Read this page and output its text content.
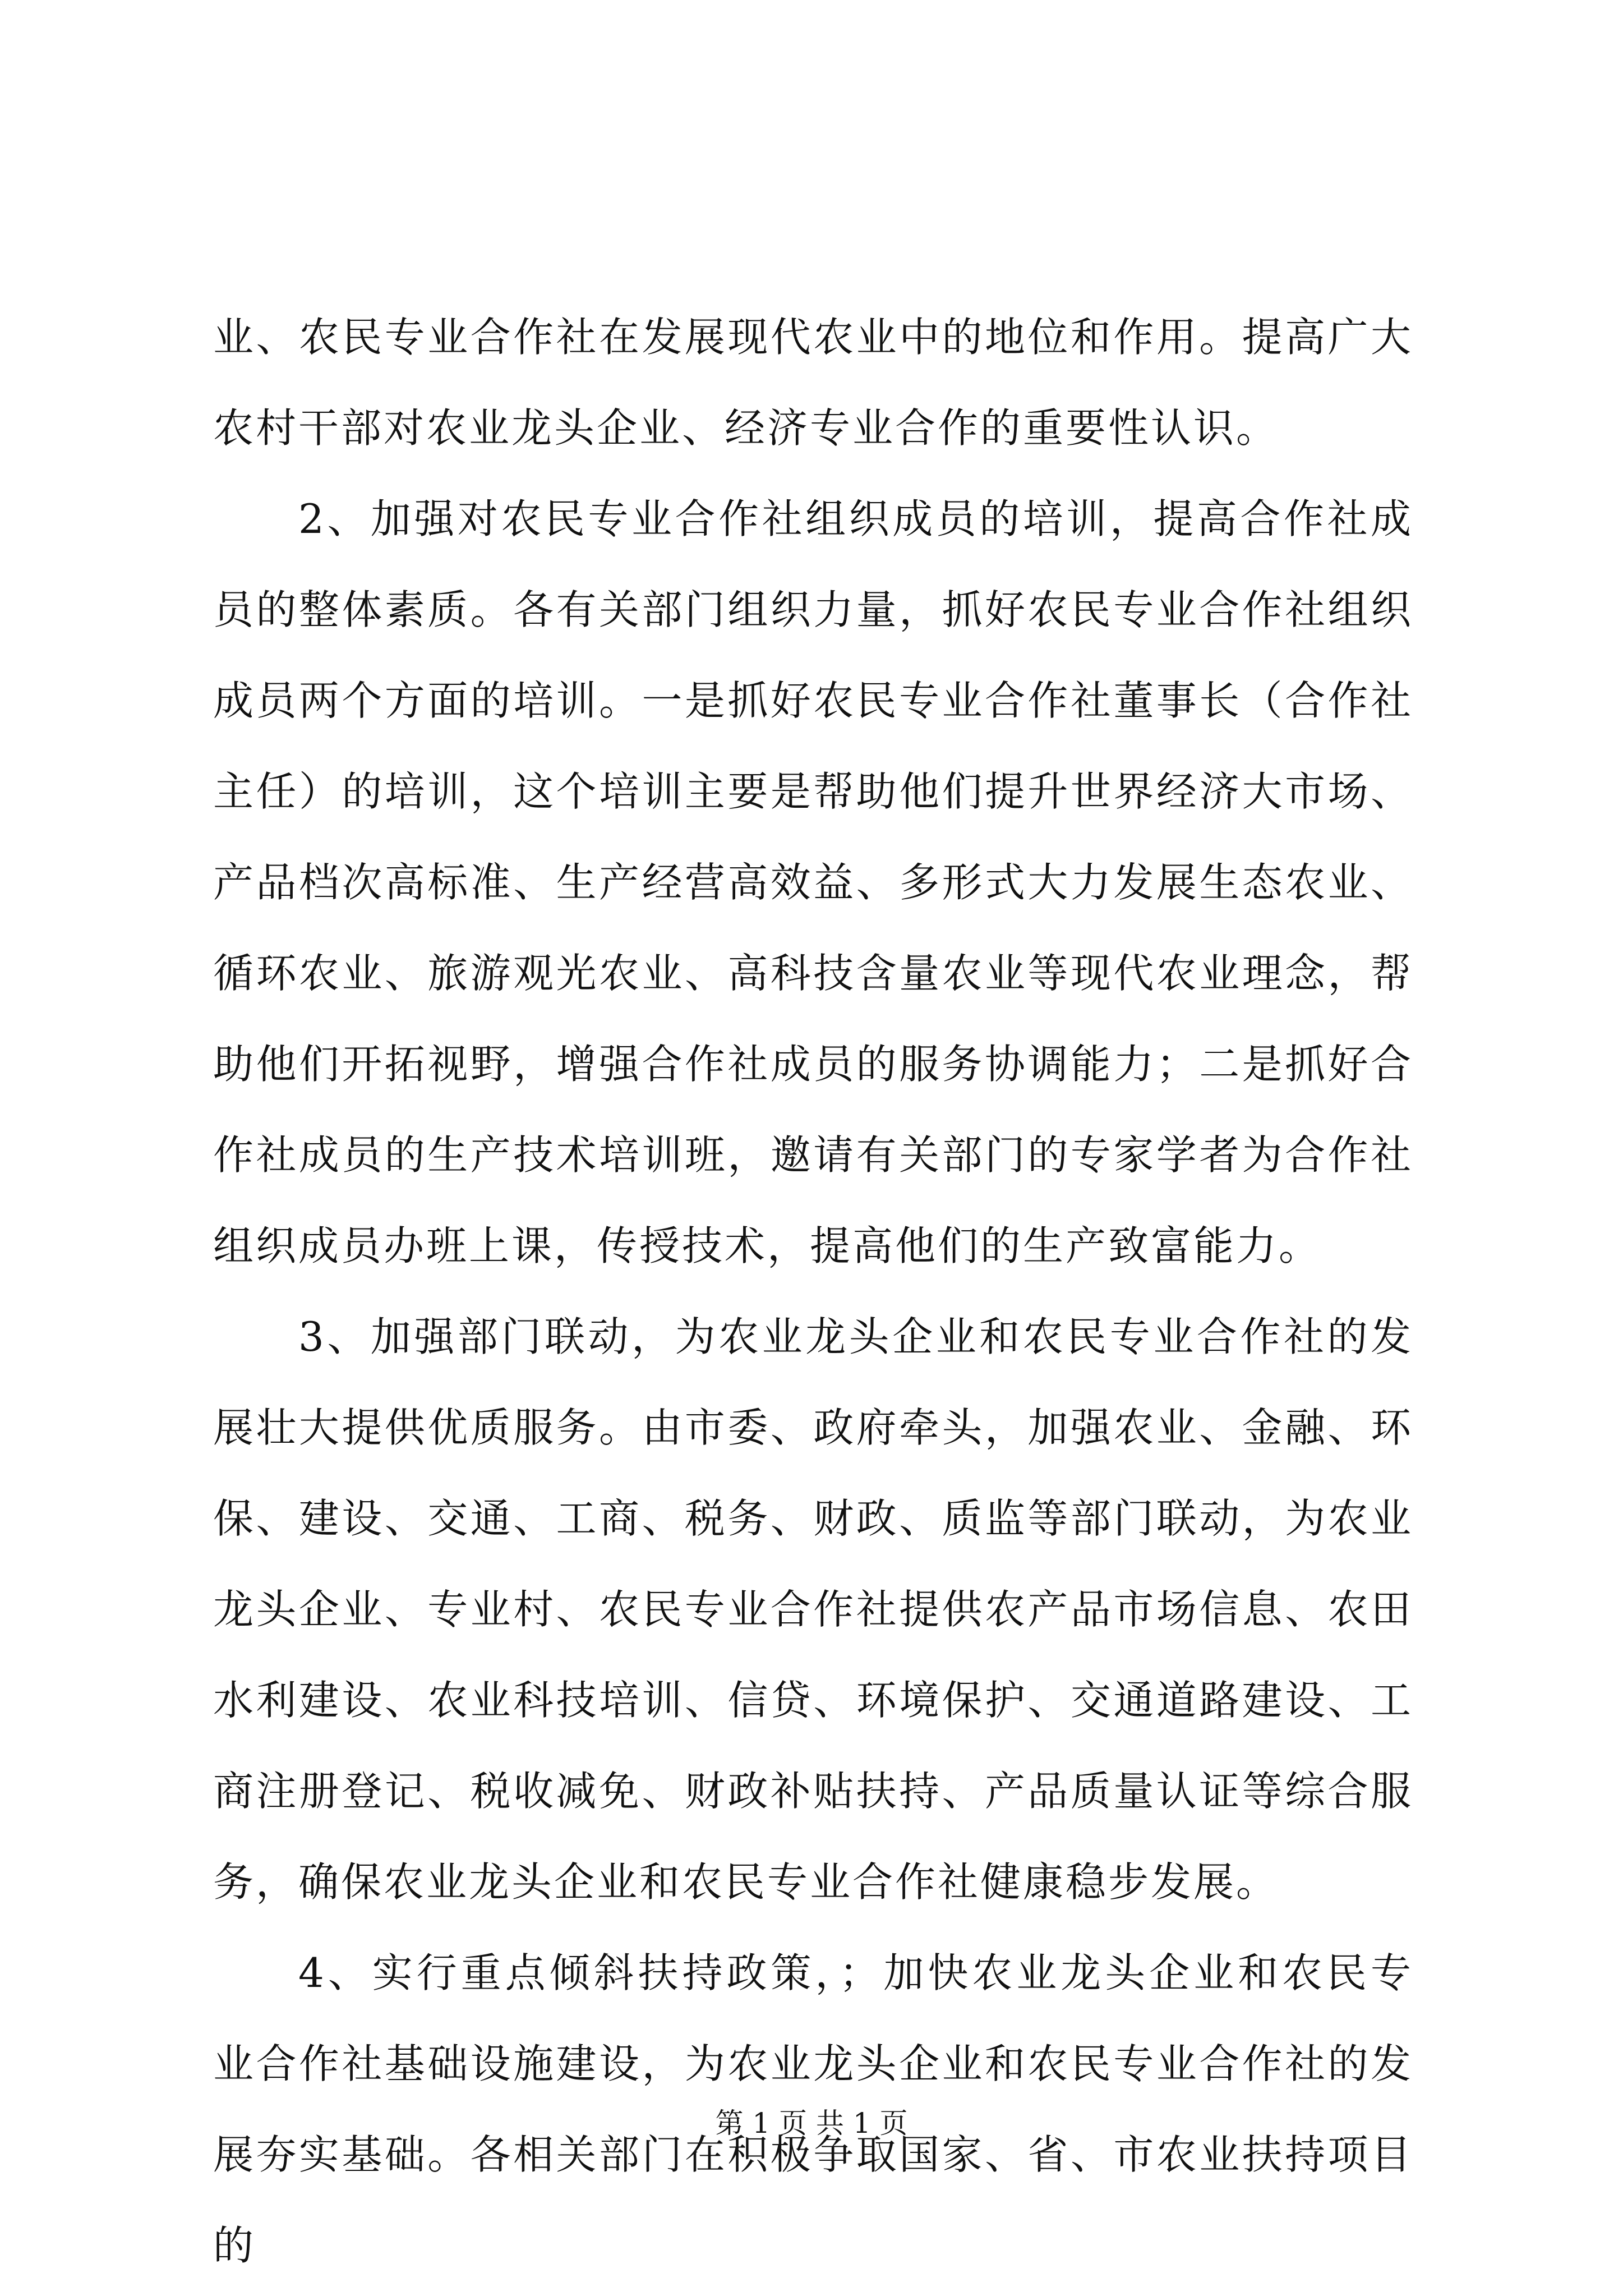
业、农民专业合作社在发展现代农业中的地位和作用。提高广大农村干部对农业龙头企业、经济专业合作的重要性认识。

2、加强对农民专业合作社组织成员的培训，提高合作社成员的整体素质。各有关部门组织力量，抓好农民专业合作社组织成员两个方面的培训。一是抓好农民专业合作社董事长（合作社主任）的培训，这个培训主要是帮助他们提升世界经济大市场、产品档次高标准、生产经营高效益、多形式大力发展生态农业、循环农业、旅游观光农业、高科技含量农业等现代农业理念，帮助他们开拓视野，增强合作社成员的服务协调能力；二是抓好合作社成员的生产技术培训班，邀请有关部门的专家学者为合作社组织成员办班上课，传授技术，提高他们的生产致富能力。

3、加强部门联动，为农业龙头企业和农民专业合作社的发展壮大提供优质服务。由市委、政府牵头，加强农业、金融、环保、建设、交通、工商、税务、财政、质监等部门联动，为农业龙头企业、专业村、农民专业合作社提供农产品市场信息、农田水利建设、农业科技培训、信贷、环境保护、交通道路建设、工商注册登记、税收减免、财政补贴扶持、产品质量认证等综合服务，确保农业龙头企业和农民专业合作社健康稳步发展。

4、实行重点倾斜扶持政策，；加快农业龙头企业和农民专业合作社基础设施建设，为农业龙头企业和农民专业合作社的发展夯实基础。各相关部门在积极争取国家、省、市农业扶持项目的

第 1 页 共 1 页
